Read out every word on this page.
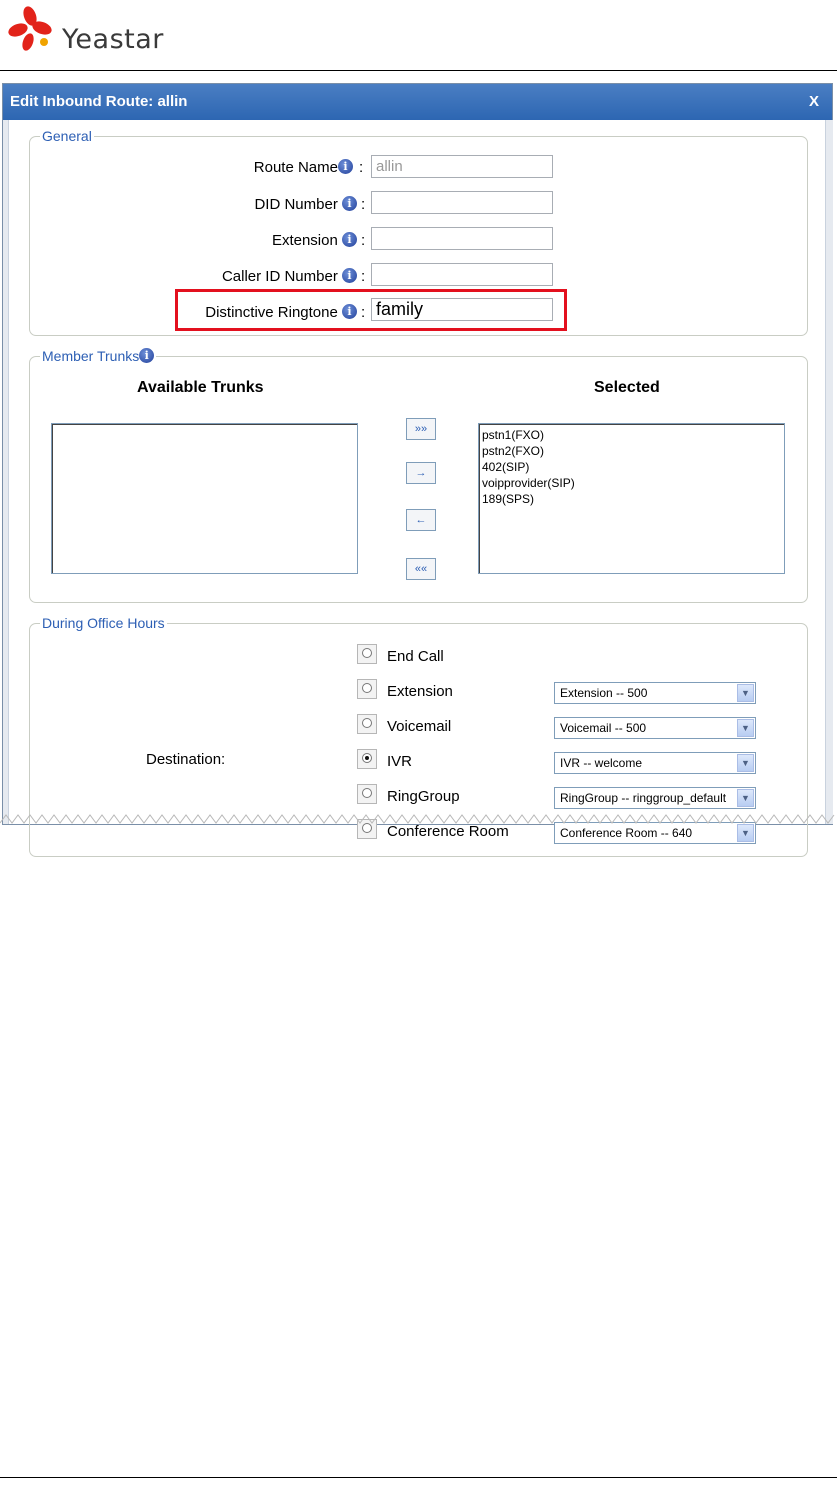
Yeastar
Edit Inbound Route: allin	X
General
Route Name i : allin
DID Number i :
Extension i :
Caller ID Number i :
Distinctive Ringtone i : family
Member Trunks i
Available Trunks	Selected
pstn1(FXO)
pstn2(FXO)
402(SIP)
voipprovider(SIP)
189(SPS)
»»
→
←
««
During Office Hours
Destination:
End Call
Extension	Extension -- 500	▼
Voicemail	Voicemail -- 500	▼
IVR	IVR -- welcome	▼
RingGroup	RingGroup -- ringgroup_default	▼
Conference Room	Conference Room -- 640	▼
